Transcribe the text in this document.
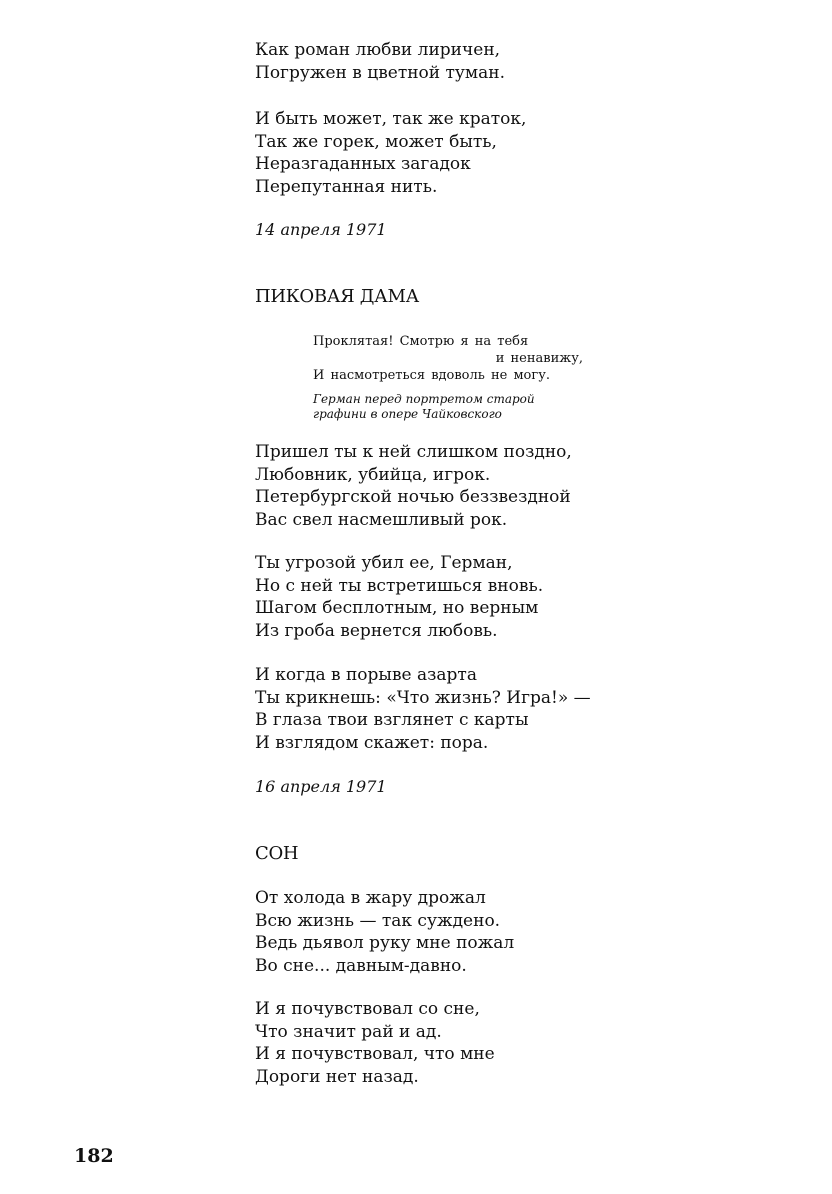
Как роман любви лиричен,
Погружен в цветной туман.
И быть может, так же краток,
Так же горек, может быть,
Неразгаданных загадок
Перепутанная нить.
14 апреля 1971
ПИКОВАЯ ДАМА
Проклятая! Смотрю я на тебя
и ненавижу,
И насмотреться вдоволь не могу.
Герман перед портретом старой
графини в опере Чайковского
Пришел ты к ней слишком поздно,
Любовник, убийца, игрок.
Петербургской ночью беззвездной
Вас свел насмешливый рок.
Ты угрозой убил ее, Герман,
Но с ней ты встретишься вновь.
Шагом бесплотным, но верным
Из гроба вернется любовь.
И когда в порыве азарта
Ты крикнешь: «Что жизнь? Игра!» —
В глаза твои взглянет с карты
И взглядом скажет: пора.
16 апреля 1971
СОН
От холода в жару дрожал
Всю жизнь — так суждено.
Ведь дьявол руку мне пожал
Во сне... давным-давно.
И я почувствовал со сне,
Что значит рай и ад.
И я почувствовал, что мне
Дороги нет назад.
182
